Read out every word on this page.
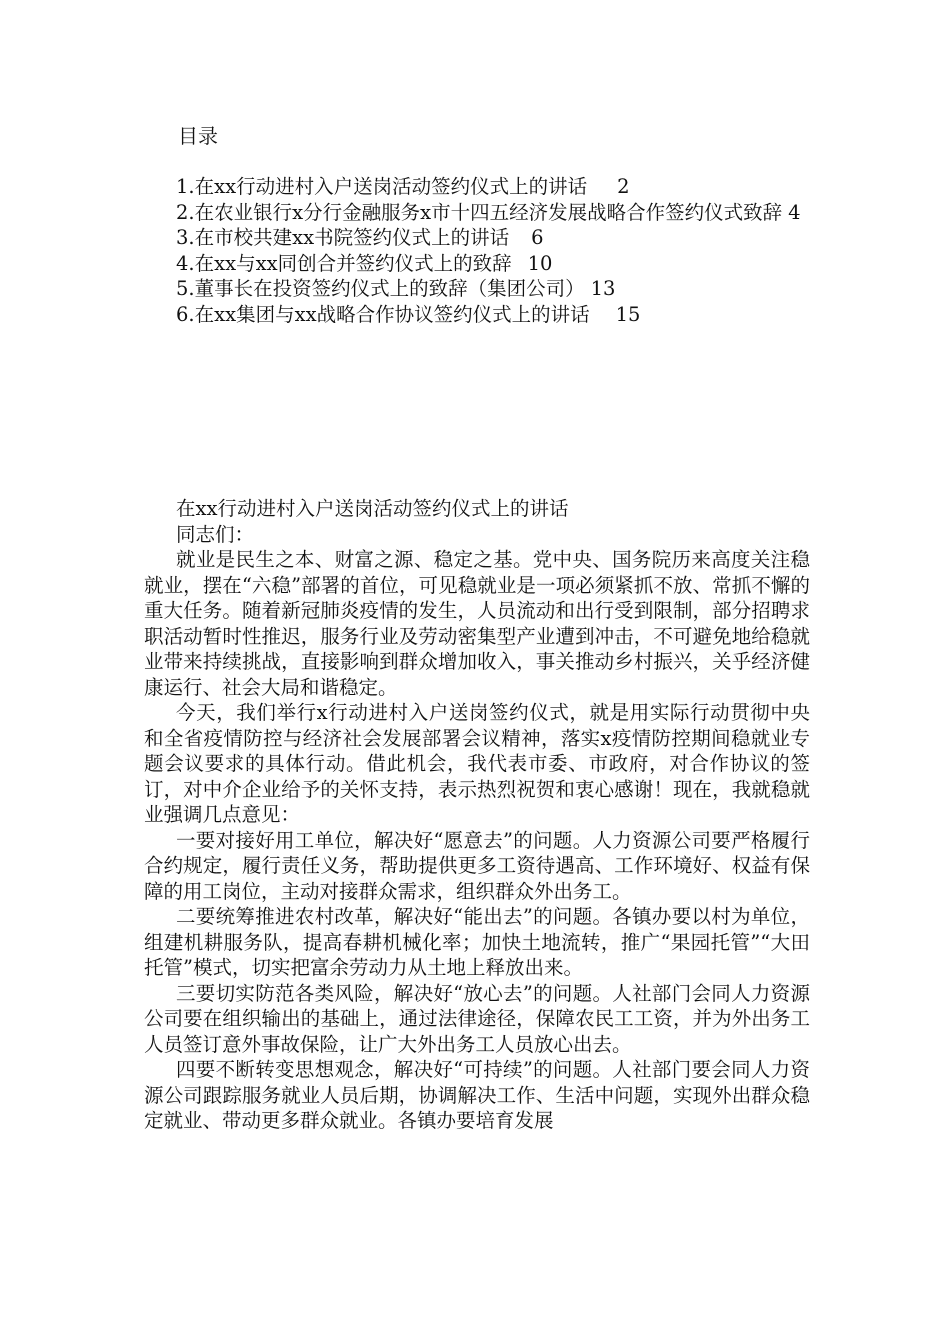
目录
1.在xx行动进村入户送岗活动签约仪式上的讲话 2
2.在农业银行x分行金融服务x市十四五经济发展战略合作签约仪式致辞 4
3.在市校共建xx书院签约仪式上的讲话 6
4.在xx与xx同创合并签约仪式上的致辞 10
5.董事长在投资签约仪式上的致辞（集团公司） 13
6.在xx集团与xx战略合作协议签约仪式上的讲话 15
在xx行动进村入户送岗活动签约仪式上的讲话
同志们：

就业是民生之本、财富之源、稳定之基。党中央、国务院历来高度关注稳就业，摆在“六稳”部署的首位，可见稳就业是一项必须紧抓不放、常抓不懈的重大任务。随着新冠肺炎疫情的发生，人员流动和出行受到限制，部分招聘求职活动暂时性推迟，服务行业及劳动密集型产业遭到冲击，不可避免地给稳就业带来持续挑战，直接影响到群众增加收入，事关推动乡村振兴，关乎经济健康运行、社会大局和谐稳定。

今天，我们举行x行动进村入户送岗签约仪式，就是用实际行动贯彻中央和全省疫情防控与经济社会发展部署会议精神，落实x疫情防控期间稳就业专题会议要求的具体行动。借此机会，我代表市委、市政府，对合作协议的签订，对中介企业给予的关怀支持，表示热烈祝贺和衷心感谢！现在，我就稳就业强调几点意见：

一要对接好用工单位，解决好“愿意去”的问题。人力资源公司要严格履行合约规定，履行责任义务，帮助提供更多工资待遇高、工作环境好、权益有保障的用工岗位，主动对接群众需求，组织群众外出务工。

二要统筹推进农村改革，解决好“能出去”的问题。各镇办要以村为单位，组建机耕服务队，提高春耕机械化率；加快土地流转，推广“果园托管”“大田托管”模式，切实把富余劳动力从土地上释放出来。

三要切实防范各类风险，解决好“放心去”的问题。人社部门会同人力资源公司要在组织输出的基础上，通过法律途径，保障农民工工资，并为外出务工人员签订意外事故保险，让广大外出务工人员放心出去。

四要不断转变思想观念，解决好“可持续”的问题。人社部门要会同人力资源公司跟踪服务就业人员后期，协调解决工作、生活中问题，实现外出群众稳定就业、带动更多群众就业。各镇办要培育发展
